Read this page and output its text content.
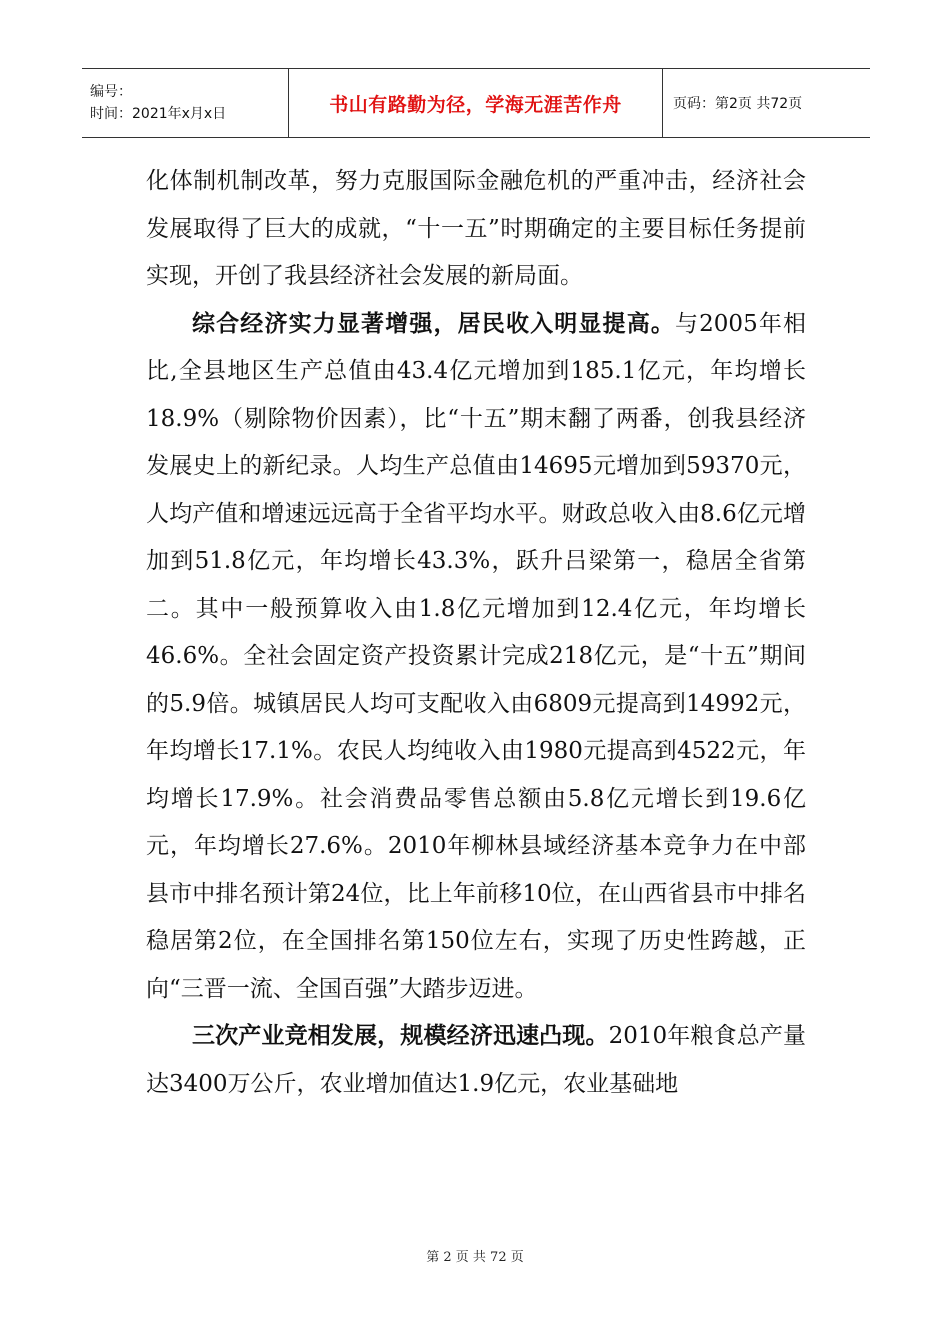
编号：
时间：2021年x月x日	书山有路勤为径，学海无涯苦作舟	页码：第2页 共72页

化体制机制改革，努力克服国际金融危机的严重冲击，经济社会发展取得了巨大的成就，“十一五”时期确定的主要目标任务提前实现，开创了我县经济社会发展的新局面。

综合经济实力显著增强，居民收入明显提高。与2005年相比,全县地区生产总值由43.4亿元增加到185.1亿元，年均增长18.9%（剔除物价因素），比“十五”期末翻了两番，创我县经济发展史上的新纪录。人均生产总值由14695元增加到59370元，人均产值和增速远远高于全省平均水平。财政总收入由8.6亿元增加到51.8亿元，年均增长43.3%，跃升吕梁第一，稳居全省第二。其中一般预算收入由1.8亿元增加到12.4亿元，年均增长46.6%。全社会固定资产投资累计完成218亿元，是“十五”期间的5.9倍。城镇居民人均可支配收入由6809元提高到14992元，年均增长17.1%。农民人均纯收入由1980元提高到4522元，年均增长17.9%。社会消费品零售总额由5.8亿元增长到19.6亿元，年均增长27.6%。2010年柳林县域经济基本竞争力在中部县市中排名预计第24位，比上年前移10位，在山西省县市中排名稳居第2位，在全国排名第150位左右，实现了历史性跨越，正向“三晋一流、全国百强”大踏步迈进。

三次产业竞相发展，规模经济迅速凸现。2010年粮食总产量达3400万公斤，农业增加值达1.9亿元，农业基础地

第 2 页 共 72 页
